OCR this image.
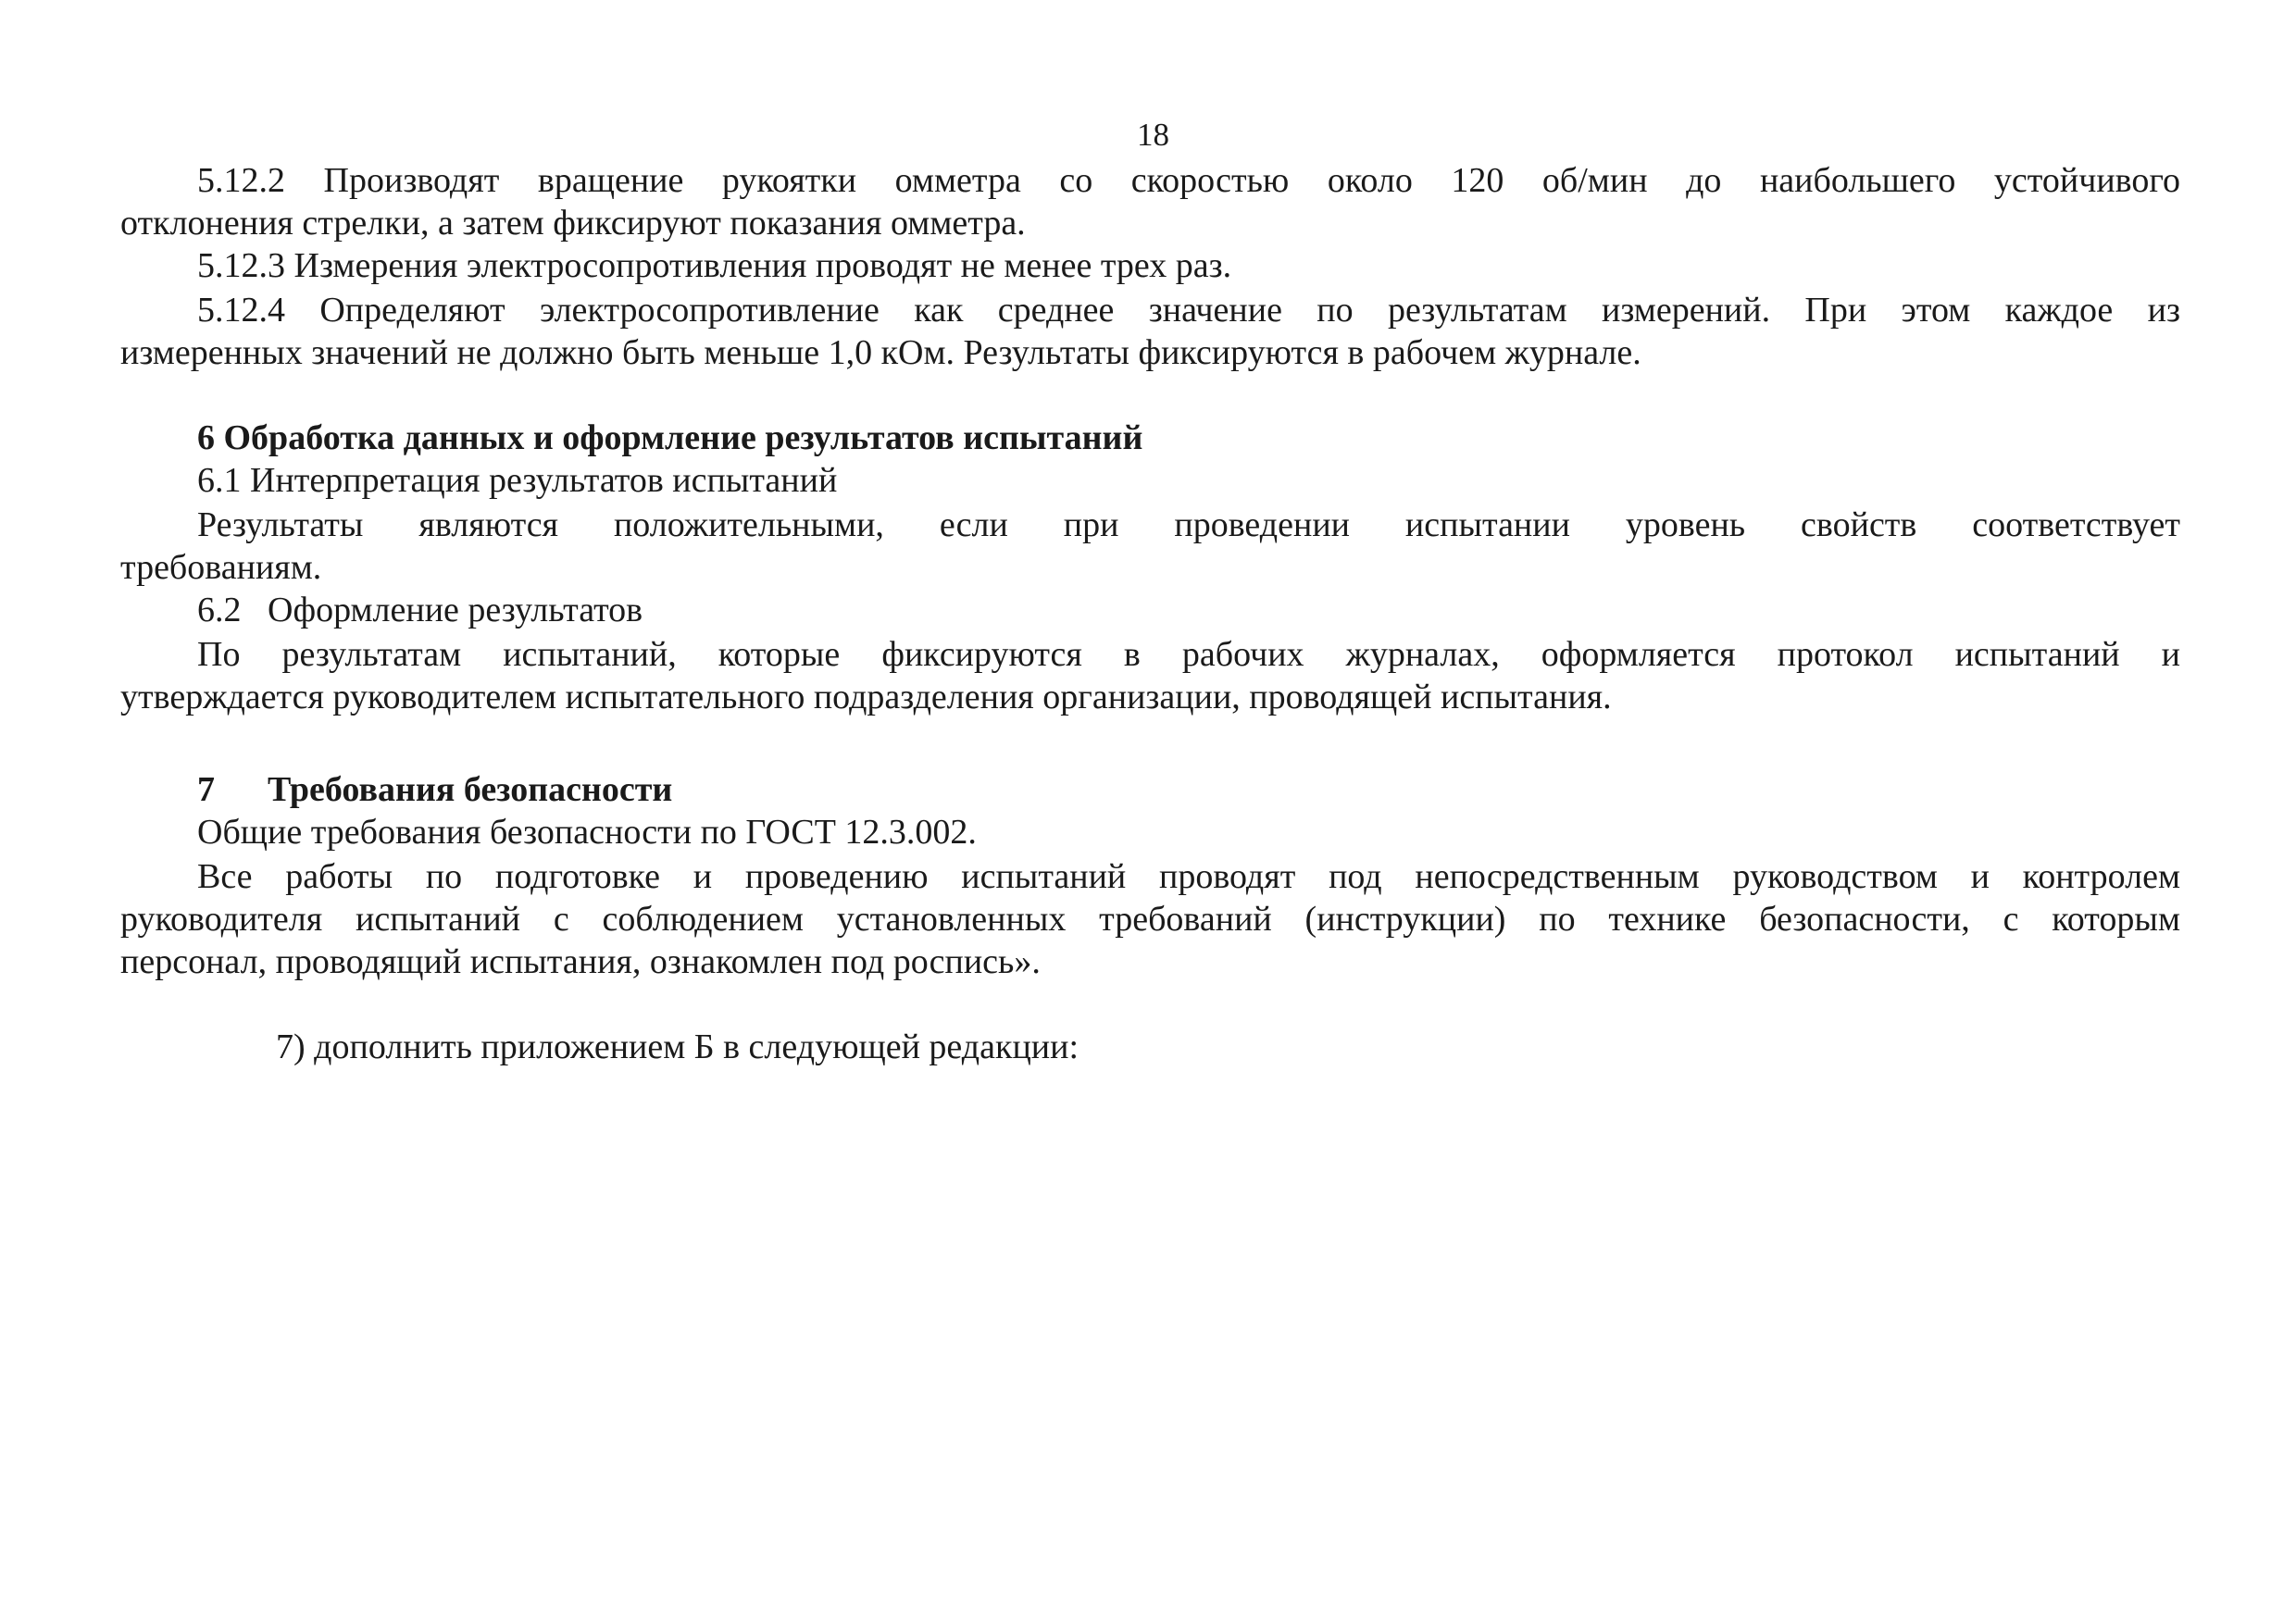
18
5.12.2 Производят вращение рукоятки омметра со скоростью около 120 об/мин до наибольшего устойчивого
отклонения стрелки, а затем фиксируют показания омметра.
5.12.3 Измерения электросопротивления проводят не менее трех раз.
5.12.4 Определяют электросопротивление как среднее значение по результатам измерений. При этом каждое из
измеренных значений не должно быть меньше 1,0 кОм. Результаты фиксируются в рабочем журнале.
6 Обработка данных и оформление результатов испытаний
6.1 Интерпретация результатов испытаний
Результаты являются положительными, если при проведении испытании уровень свойств соответствует
требованиям.
6.2 Оформление результатов
По результатам испытаний, которые фиксируются в рабочих журналах, оформляется протокол испытаний и
утверждается руководителем испытательного подразделения организации, проводящей испытания.
7 Требования безопасности
Общие требования безопасности по ГОСТ 12.3.002.
Все работы по подготовке и проведению испытаний проводят под непосредственным руководством и контролем
руководителя испытаний с соблюдением установленных требований (инструкции) по технике безопасности, с которым
персонал, проводящий испытания, ознакомлен под роспись».
7) дополнить приложением Б в следующей редакции:
